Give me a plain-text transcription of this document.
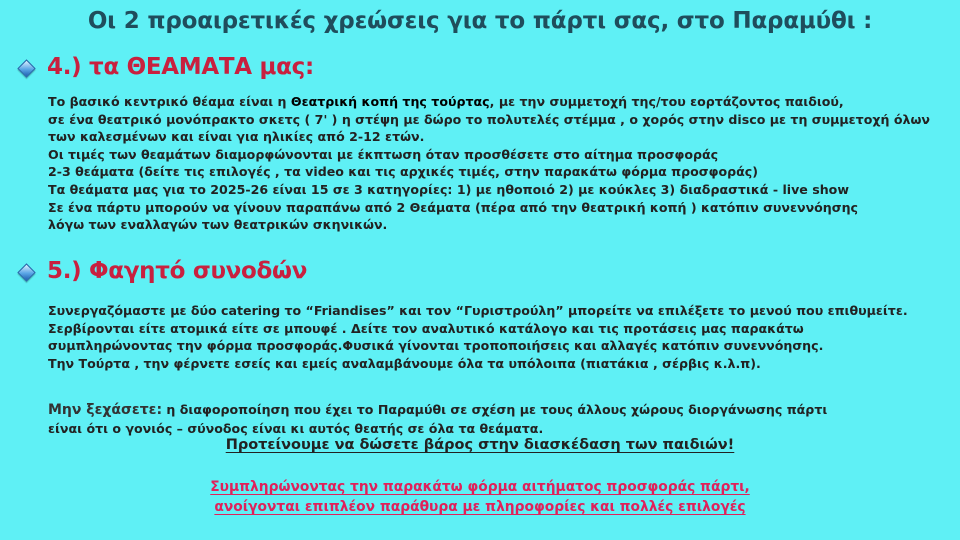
Οι 2 προαιρετικές χρεώσεις για το πάρτι σας, στο Παραμύθι :
4.) τα ΘΕΑΜΑΤΑ μας:
Το βασικό κεντρικό θέαμα είναι η Θεατρική κοπή της τούρτας, με την συμμετοχή της/του εορτάζοντος παιδιού,
σε ένα θεατρικό μονόπρακτο σκετς ( 7' ) η στέψη με δώρο το πολυτελές στέμμα , ο χορός στην disco με τη συμμετοχή όλων
των καλεσμένων και είναι για ηλικίες από 2-12 ετών.
Οι τιμές των θεαμάτων διαμορφώνονται με έκπτωση όταν προσθέσετε στο αίτημα προσφοράς
2-3 θεάματα (δείτε τις επιλογές , τα video και τις αρχικές τιμές, στην παρακάτω φόρμα προσφοράς)
Τα θεάματα μας για το 2025-26 είναι 15 σε 3 κατηγορίες: 1) με ηθοποιό 2) με κούκλες 3) διαδραστικά - live show
Σε ένα πάρτυ μπορούν να γίνουν παραπάνω από 2 Θεάματα (πέρα από την θεατρική κοπή ) κατόπιν συνεννόησης
λόγω των εναλλαγών των θεατρικών σκηνικών.
5.) Φαγητό συνοδών
Συνεργαζόμαστε με δύο catering το “Friandises” και τον “Γυριστρούλη” μπορείτε να επιλέξετε το μενού που επιθυμείτε.
Σερβίρονται είτε ατομικά είτε σε μπουφέ . Δείτε τον αναλυτικό κατάλογο και τις προτάσεις μας παρακάτω
συμπληρώνοντας την φόρμα προσφοράς.Φυσικά γίνονται τροποποιήσεις και αλλαγές κατόπιν συνεννόησης.
Την Τούρτα , την φέρνετε εσείς και εμείς αναλαμβάνουμε όλα τα υπόλοιπα (πιατάκια , σέρβις κ.λ.π).
Μην ξεχάσετε: η διαφοροποίηση που έχει το Παραμύθι σε σχέση με τους άλλους χώρους διοργάνωσης πάρτι
είναι ότι ο γονιός – σύνοδος είναι κι αυτός θεατής σε όλα τα θεάματα.
Προτείνουμε να δώσετε βάρος στην διασκέδαση των παιδιών!
Συμπληρώνοντας την παρακάτω φόρμα αιτήματος προσφοράς πάρτι,
ανοίγονται επιπλέον παράθυρα με πληροφορίες και πολλές επιλογές
